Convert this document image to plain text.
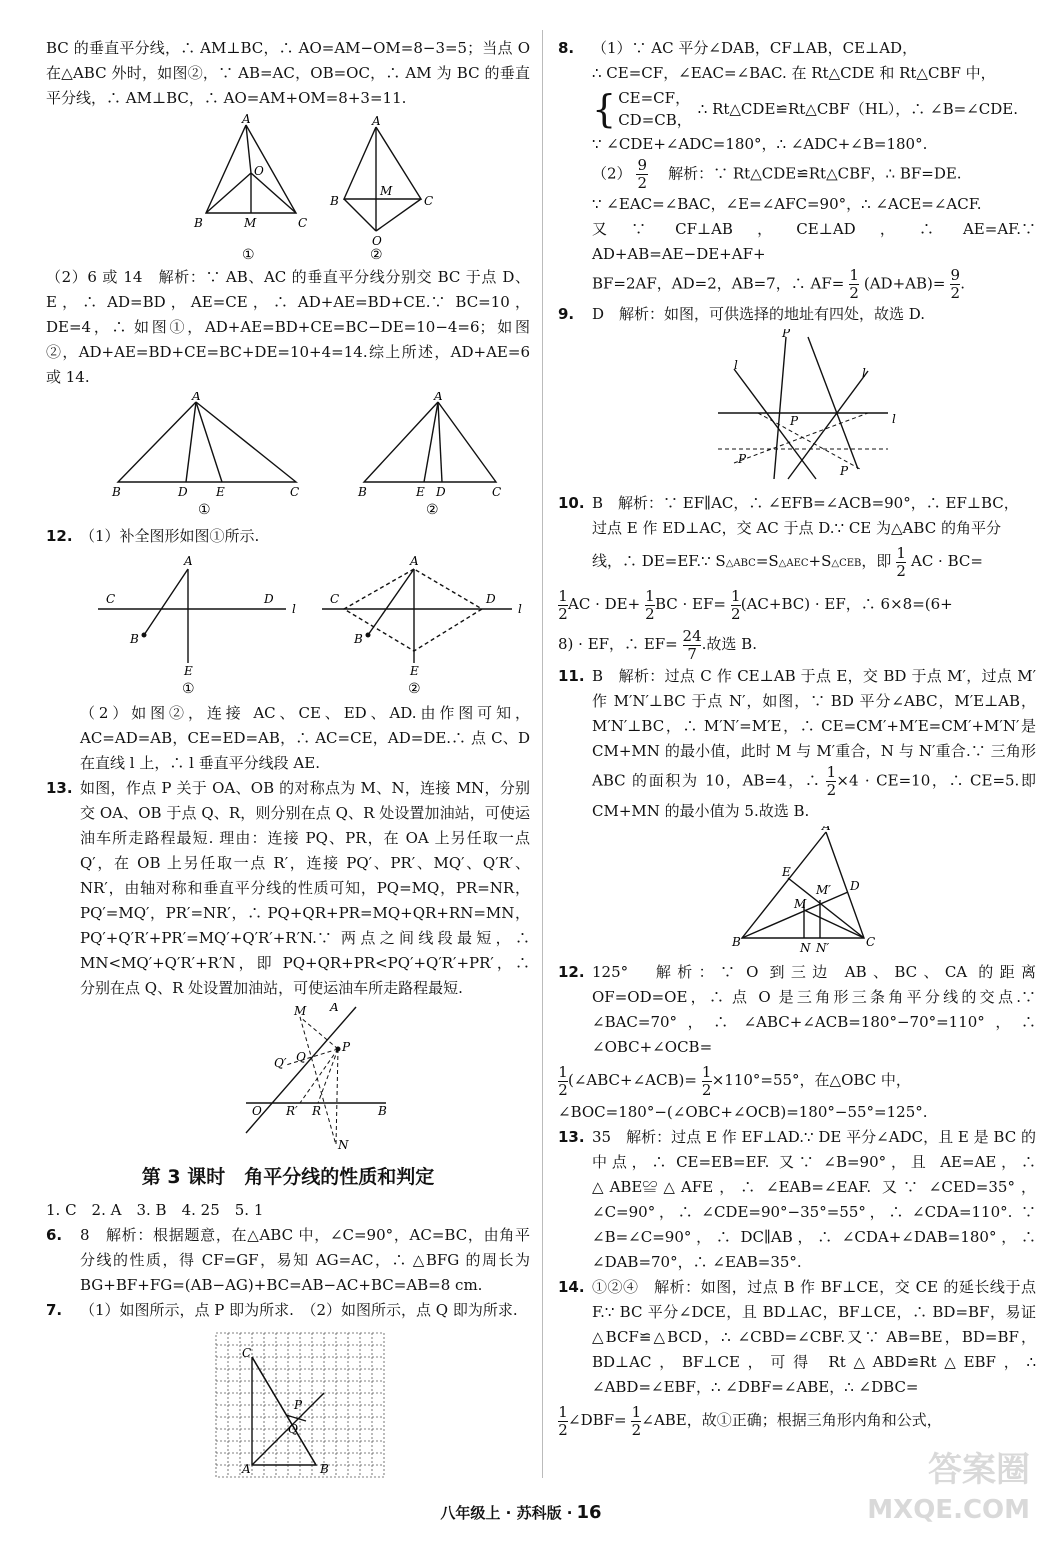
BC 的垂直平分线，∴ AM⊥BC，∴ AO=AM−OM=8−3=5；当点 O 在△ABC 外时，如图②，∵ AB=AC，OB=OC，∴ AM 为 BC 的垂直平分线，∴ AM⊥BC，∴ AO=AM+OM=8+3=11.

A
O
B	M	C
A
M
B	C
O
①	②

（2）6 或 14　解析：∵ AB、AC 的垂直平分线分别交 BC 于点 D、E，∴ AD=BD，AE=CE，∴ AD+AE=BD+CE.∵ BC=10，DE=4，∴ 如图①，AD+AE=BD+CE=BC−DE=10−4=6；如图②，AD+AE=BD+CE=BC+DE=10+4=14.综上所述，AD+AE=6 或 14.

A
B	D E	C
A
B	E D	C
①	②
12. （1）补全图形如图①所示.
A
C	D
l
B
E
A
C	D
l
B
E
①	②

（2）如图②，连接 AC、CE、ED、AD.由作图可知，AC=AD=AB，CE=ED=AB，∴ AC=CE，AD=DE.∴ 点 C、D 在直线 l 上，∴ l 垂直平分线段 AE.

13. 如图，作点 P 关于 OA、OB 的对称点为 M、N，连接 MN，分别交 OA、OB 于点 Q、R，则分别在点 Q、R 处设置加油站，可使运油车所走路程最短. 理由：连接 PQ、PR，在 OA 上另任取一点 Q′，在 OB 上另任取一点 R′，连接 PQ′、PR′、MQ′、Q′R′、NR′，由轴对称和垂直平分线的性质可知，PQ=MQ，PR=NR，PQ′=MQ′，PR′=NR′，∴ PQ+QR+PR=MQ+QR+RN=MN，PQ′+Q′R′+PR′=MQ′+Q′R′+R′N.∵ 两点之间线段最短，∴ MN<MQ′+Q′R′+R′N，即 PQ+QR+PR<PQ′+Q′R′+PR′，∴ 分别在点 Q、R 处设置加油站，可使运油车所走路程最短.
M A
P
Q′ Q
O R′ R	B
N
第 3 课时　角平分线的性质和判定

1. C　2. A　3. B　4. 25　5. 1

6.	8　解析：根据题意，在△ABC 中，∠C=90°，AC=BC，由角平分线的性质，得 CF=GF，易知 AG=AC，∴ △BFG 的周长为 BG+BF+FG=(AB−AG)+BC=AB−AC+BC=AB=8 cm.
7.	（1）如图所示，点 P 即为所求.　（2）如图所示，点 Q 即为所求.
C
A	B
P
Q
8.	（1）∵ AC 平分∠DAB，CF⊥AB，CE⊥AD，

∴ CE=CF，∠EAC=∠BAC. 在 Rt△CDE 和 Rt△CBF 中，

{ CE=CF，
CD=CB，
∴ Rt△CDE≌Rt△CBF（HL），∴ ∠B=∠CDE.

∵ ∠CDE+∠ADC=180°，∴ ∠ADC+∠B=180°.

$(2) \frac{9}{2}$ 　解析：∵ Rt△CDE≌Rt△CBF，∴ BF=DE.

∵ ∠EAC=∠BAC，∠E=∠AFC=90°，∴ ∠ACE=∠ACF.

又∵ CF⊥AB，CE⊥AD，∴ AE=AF.∵ AD+AB=AE−DE+AF+

BF=2AF，AD=2，AB=7，∴ $AF= \frac{1}{2} (AD+AB)= \frac{9}{2}$.

9.	D　解析：如图，可供选择的地址有四处，故选 D.
P
l
l
l
P
P
P
10. B　解析：∵ EF∥AC，∴ ∠EFB=∠ACB=90°，∴ EF⊥BC，

过点 E 作 ED⊥AC，交 AC 于点 D.∵ CE 为△ABC 的角平分

线，∴ DE=EF.∵ S△ABC=S△AEC+S△CEB，即 $\frac{1}{2}$ AC · BC=

$\frac{1}{2}AC \cdot DE+ \frac{1}{2}BC \cdot EF= \frac{1}{2}(AC+BC)$ · EF，∴ 6×8=(6+

8) · EF，∴ $EF= \frac{24}{7}$.故选 B.

11. B　解析：过点 C 作 CE⊥AB 于点 E，交 BD 于点 M′，过点 M′作 M′N′⊥BC 于点 N′，如图，∵ BD 平分∠ABC，M′E⊥AB，M′N′⊥BC，∴ M′N′=M′E，∴ CE=CM′+M′E=CM′+M′N′是 CM+MN 的最小值，此时 M 与 M′重合，N 与 N′重合.∵ 三角形 ABC 的面积为 10，AB=4，∴ $\frac{1}{2}\times 4 \cdot CE=10$，∴ CE=5.即 CM+MN 的最小值为 5.故选 B.
A
E
D
M′
M
B	N N′	C
12. 125°　解析：∵ O 到三边 AB、BC、CA 的距离 OF=OD=OE，∴ 点 O 是三角形三条角平分线的交点.∵ ∠BAC=70°，∴ ∠ABC+∠ACB=180°−70°=110°，∴ ∠OBC+∠OCB=

$\frac{1}{2}(\angle ABC+\angle ACB)= \frac{1}{2}\times 110^\circ=55^\circ$，在△OBC 中，

∠BOC=180°−(∠OBC+∠OCB)=180°−55°=125°.

13. 35　解析：过点 E 作 EF⊥AD.∵ DE 平分∠ADC，且 E 是 BC 的中点，∴ CE=EB=EF. 又∵ ∠B=90°，且 AE=AE，∴ △ABE≌△AFE，∴ ∠EAB=∠EAF. 又∵ ∠CED=35°，∠C=90°，∴ ∠CDE=90°−35°=55°，∴ ∠CDA=110°. ∵ ∠B=∠C=90°，∴ DC∥AB，∴ ∠CDA+∠DAB=180°，∴ ∠DAB=70°，∴ ∠EAB=35°.
14. ①②④　解析：如图，过点 B 作 BF⊥CE，交 CE 的延长线于点 F.∵ BC 平分∠DCE，且 BD⊥AC，BF⊥CE，∴ BD=BF，易证△BCF≌△BCD，∴ ∠CBD=∠CBF.又∵ AB=BE，BD=BF，BD⊥AC，BF⊥CE，可得 Rt△ABD≌Rt△EBF，∴ ∠ABD=∠EBF，∴ ∠DBF=∠ABE，∴ ∠DBC=

$\frac{1}{2}\angle DBF=$ $\frac{1}{2}\angle ABE$，故①正确；根据三角形内角和公式，

八年级上 · 苏科版 · 16
答案圈
MXQE.COM
